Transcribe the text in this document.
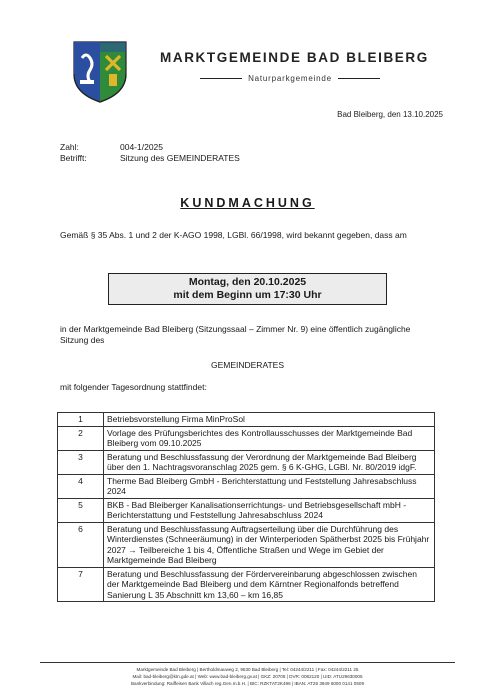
MARKTGEMEINDE BAD BLEIBERG
Naturparkgemeinde
Bad Bleiberg, den 13.10.2025
Zahl:	004-1/2025
Betrifft:	Sitzung des GEMEINDERATES
KUNDMACHUNG
Gemäß § 35 Abs. 1 und 2 der K-AGO 1998, LGBl. 66/1998, wird bekannt gegeben, dass am
Montag, den 20.10.2025
mit dem Beginn um 17:30 Uhr
in der Marktgemeinde Bad Bleiberg (Sitzungssaal – Zimmer Nr. 9) eine öffentlich zugängliche Sitzung des
GEMEINDERATES
mit folgender Tagesordnung stattfindet:
1	Betriebsvorstellung Firma MinProSol
2	Vorlage des Prüfungsberichtes des Kontrollausschusses der Marktgemeinde Bad Bleiberg vom 09.10.2025
3	Beratung und Beschlussfassung der Verordnung der Marktgemeinde Bad Bleiberg über den 1. Nachtragsvoranschlag 2025 gem. § 6 K-GHG, LGBl. Nr. 80/2019 idgF.
4	Therme Bad Bleiberg GmbH - Berichterstattung und Feststellung Jahresabschluss 2024
5	BKB - Bad Bleiberger Kanalisationserrichtungs- und Betriebsgesellschaft mbH - Berichterstattung und Feststellung Jahresabschluss 2024
6	Beratung und Beschlussfassung Auftragserteilung über die Durchführung des Winterdienstes (Schneeräumung) in der Winterperioden Spätherbst 2025 bis Frühjahr 2027 → Teilbereiche 1 bis 4, Öffentliche Straßen und Wege im Gebiet der Marktgemeinde Bad Bleiberg
7	Beratung und Beschlussfassung der Fördervereinbarung abgeschlossen zwischen der Marktgemeinde Bad Bleiberg und dem Kärntner Regionalfonds betreffend Sanierung L 35 Abschnitt km 13,60 – km 16,85
Marktgemeinde Bad Bleiberg | Bertholdmauweg 2, 9530 Bad Bleiberg | Tel: 04244/2211 | Fax: 04244/2211 25
Mail: bad-bleiberg@ktn.gde.at | Web: www.bad-bleiberg.gv.at | GKZ: 20705 | DVR: 0082120 | UID: ATU29630005
Bankverbindung: Raiffeisen Bank Villach reg.Gen.m.b.H. | BIC: RZKTAT2K496 | IBAN: AT26 3949 6000 0141 0509
